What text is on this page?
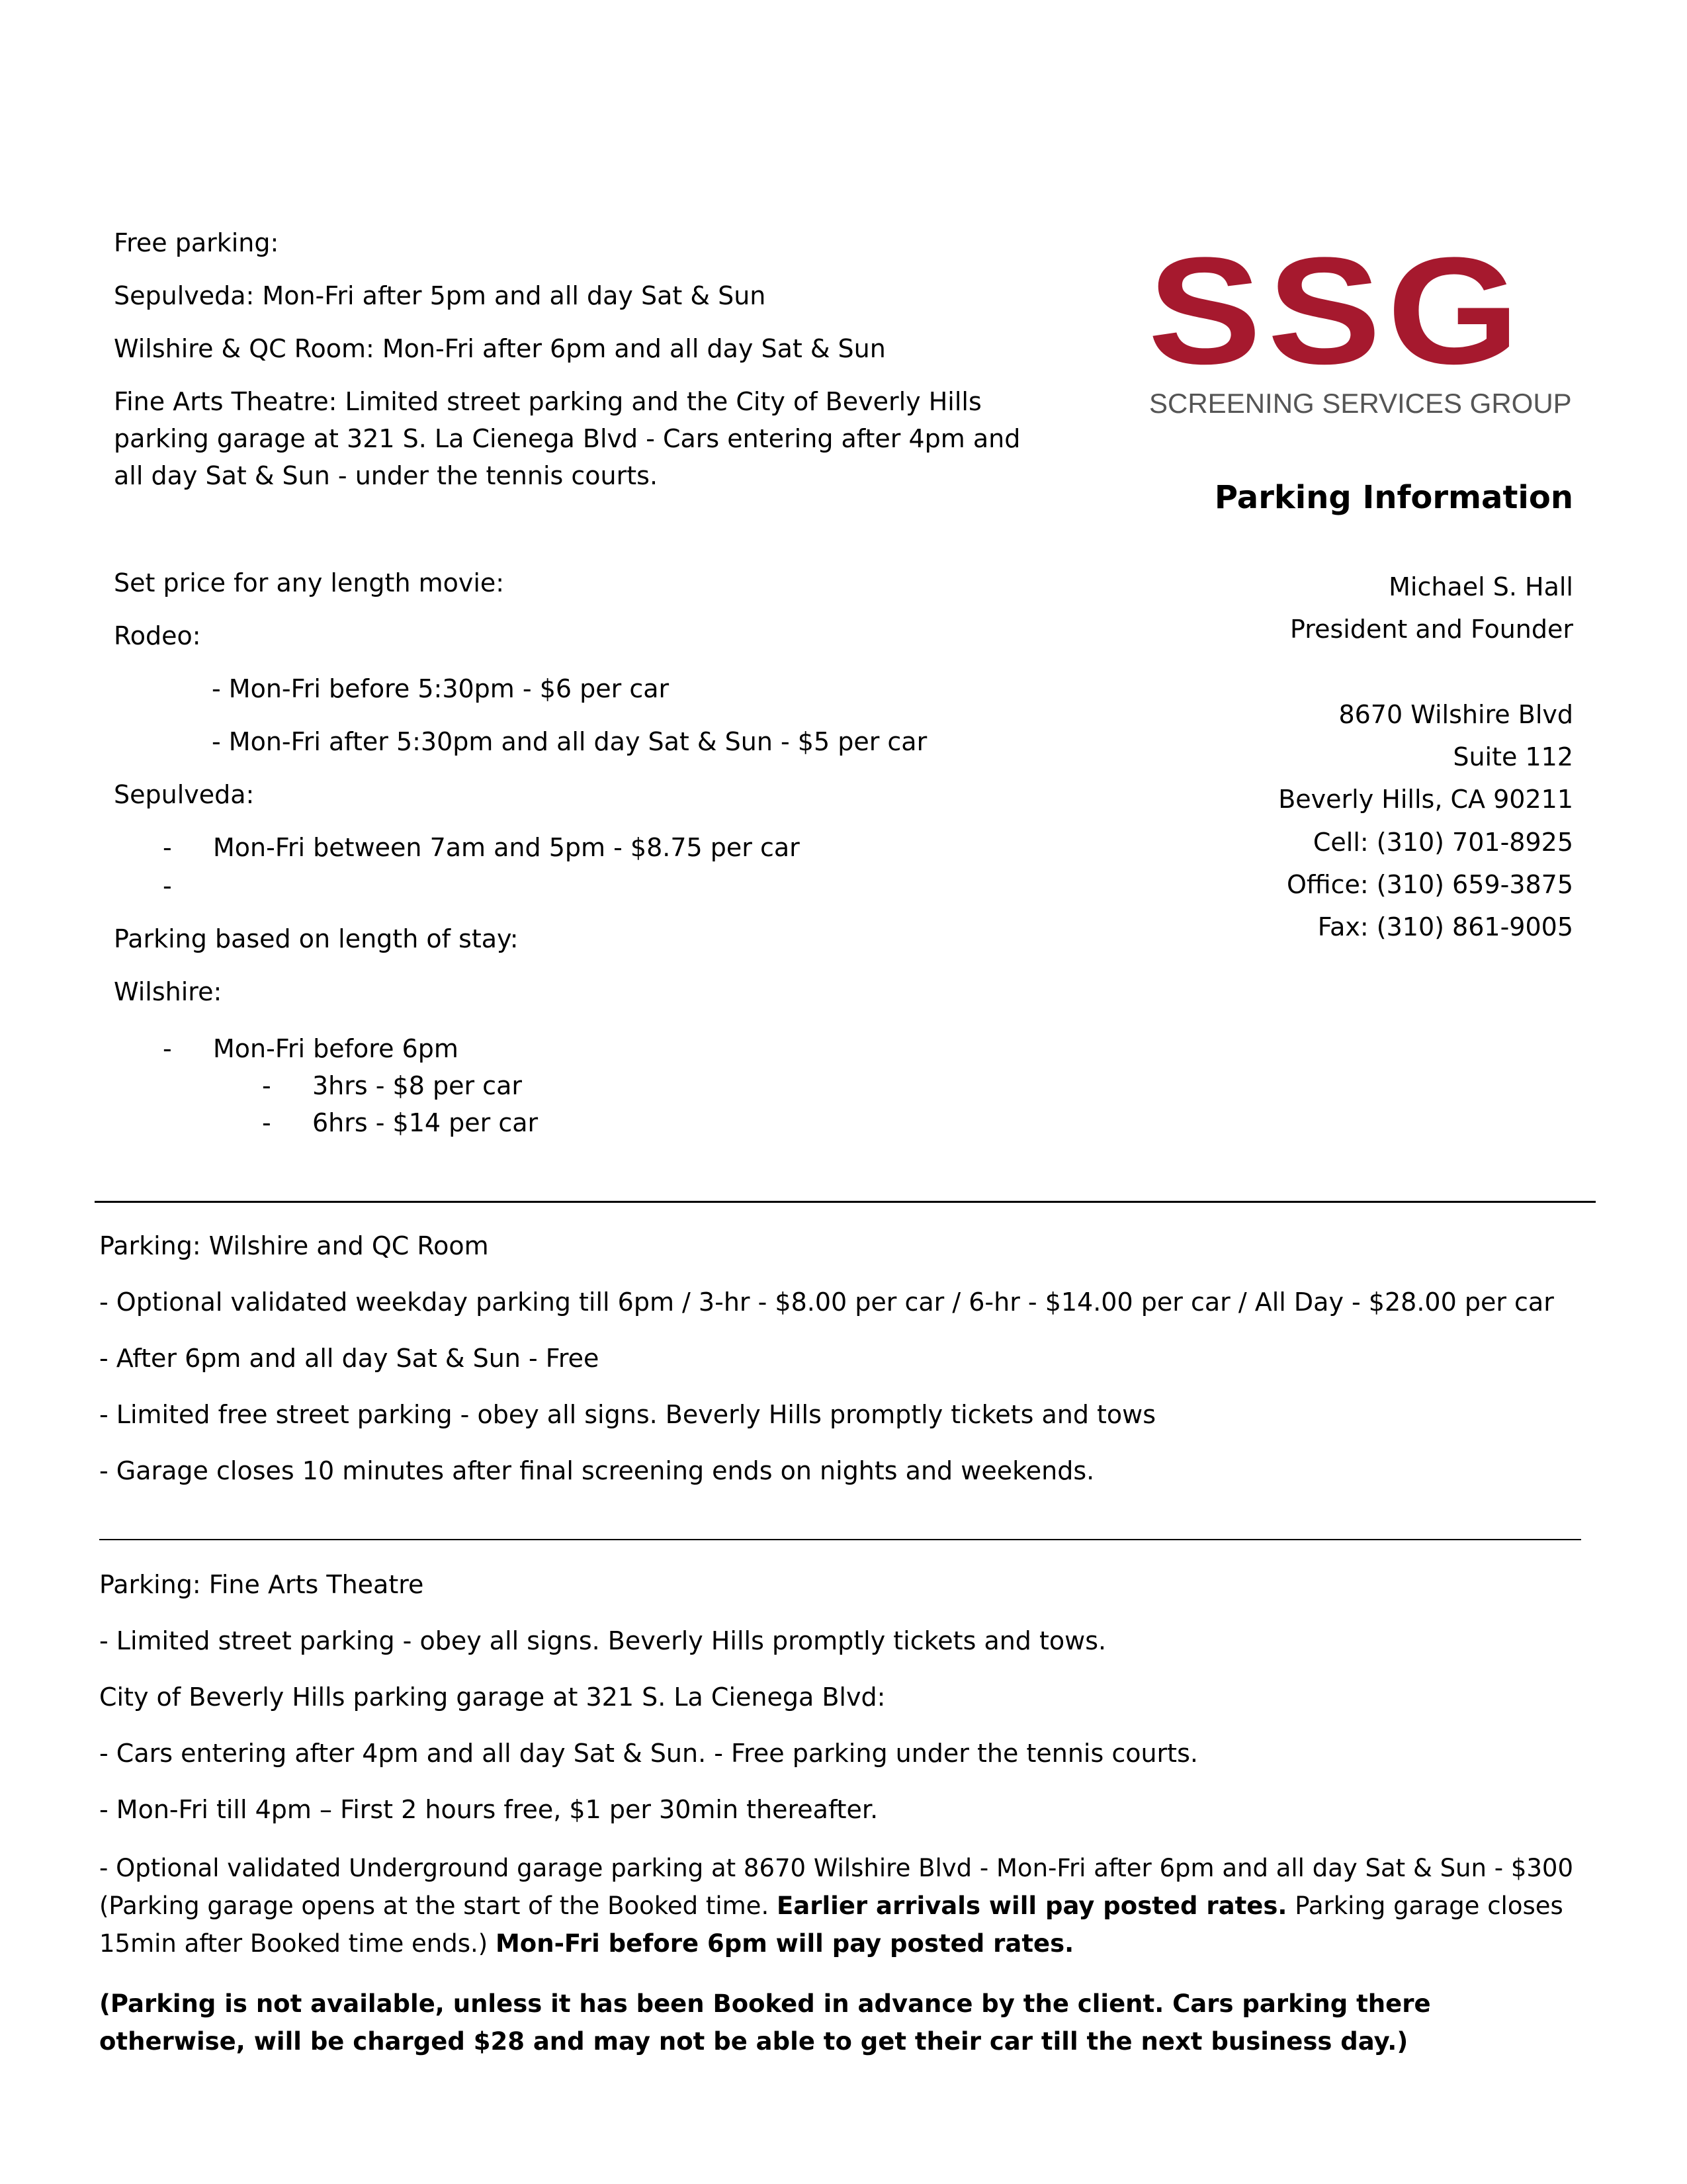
SSG
SCREENING SERVICES GROUP
Parking Information
Michael S. Hall
President and Founder
8670 Wilshire Blvd
Suite 112
Beverly Hills, CA 90211
Cell: (310) 701-8925
Office: (310) 659-3875
Fax: (310) 861-9005
Free parking:
Sepulveda: Mon-Fri after 5pm and all day Sat & Sun
Wilshire & QC Room: Mon-Fri after 6pm and all day Sat & Sun
Fine Arts Theatre: Limited street parking and the City of Beverly Hills
parking garage at 321 S. La Cienega Blvd - Cars entering after 4pm and
all day Sat & Sun - under the tennis courts.
Set price for any length movie:
Rodeo:
- Mon-Fri before 5:30pm - $6 per car
- Mon-Fri after 5:30pm and all day Sat & Sun - $5 per car
Sepulveda:
- Mon-Fri between 7am and 5pm - $8.75 per car
-
Parking based on length of stay:
Wilshire:
- Mon-Fri before 6pm
- 3hrs - $8 per car
- 6hrs - $14 per car
Parking: Wilshire and QC Room
- Optional validated weekday parking till 6pm / 3-hr - $8.00 per car / 6-hr - $14.00 per car / All Day - $28.00 per car
- After 6pm and all day Sat & Sun - Free
- Limited free street parking - obey all signs. Beverly Hills promptly tickets and tows
- Garage closes 10 minutes after final screening ends on nights and weekends.
Parking: Fine Arts Theatre
- Limited street parking - obey all signs. Beverly Hills promptly tickets and tows.
City of Beverly Hills parking garage at 321 S. La Cienega Blvd:
- Cars entering after 4pm and all day Sat & Sun. - Free parking under the tennis courts.
- Mon-Fri till 4pm – First 2 hours free, $1 per 30min thereafter.
- Optional validated Underground garage parking at 8670 Wilshire Blvd - Mon-Fri after 6pm and all day Sat & Sun - $300 (Parking garage opens at the start of the Booked time. Earlier arrivals will pay posted rates. Parking garage closes 15min after Booked time ends.) Mon-Fri before 6pm will pay posted rates.
(Parking is not available, unless it has been Booked in advance by the client. Cars parking there otherwise, will be charged $28 and may not be able to get their car till the next business day.)
